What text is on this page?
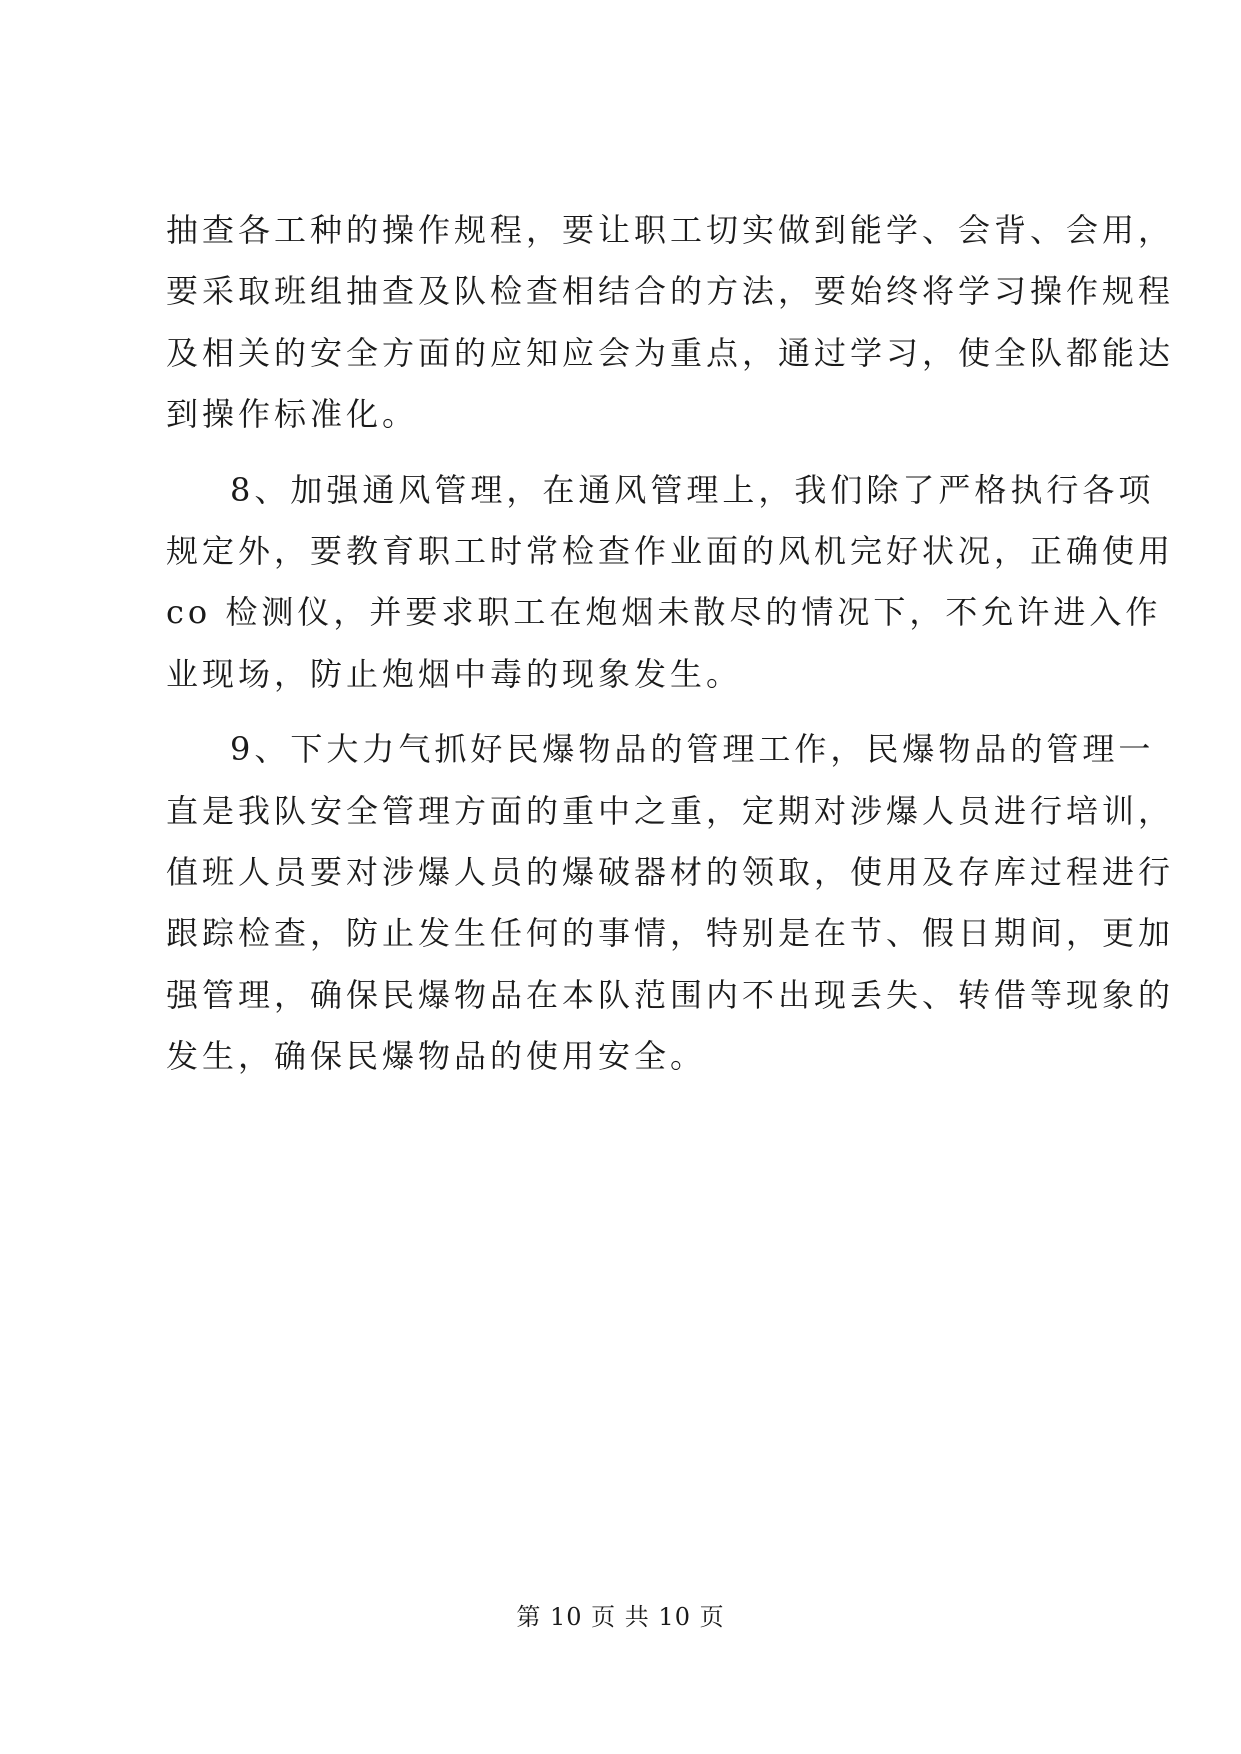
抽查各工种的操作规程，要让职工切实做到能学、会背、会用，
要采取班组抽查及队检查相结合的方法，要始终将学习操作规程
及相关的安全方面的应知应会为重点，通过学习，使全队都能达
到操作标准化。
8、加强通风管理，在通风管理上，我们除了严格执行各项
规定外，要教育职工时常检查作业面的风机完好状况，正确使用
co 检测仪，并要求职工在炮烟未散尽的情况下，不允许进入作
业现场，防止炮烟中毒的现象发生。
9、下大力气抓好民爆物品的管理工作，民爆物品的管理一
直是我队安全管理方面的重中之重，定期对涉爆人员进行培训，
值班人员要对涉爆人员的爆破器材的领取，使用及存库过程进行
跟踪检查，防止发生任何的事情，特别是在节、假日期间，更加
强管理，确保民爆物品在本队范围内不出现丢失、转借等现象的
发生，确保民爆物品的使用安全。
第 10 页 共 10 页
